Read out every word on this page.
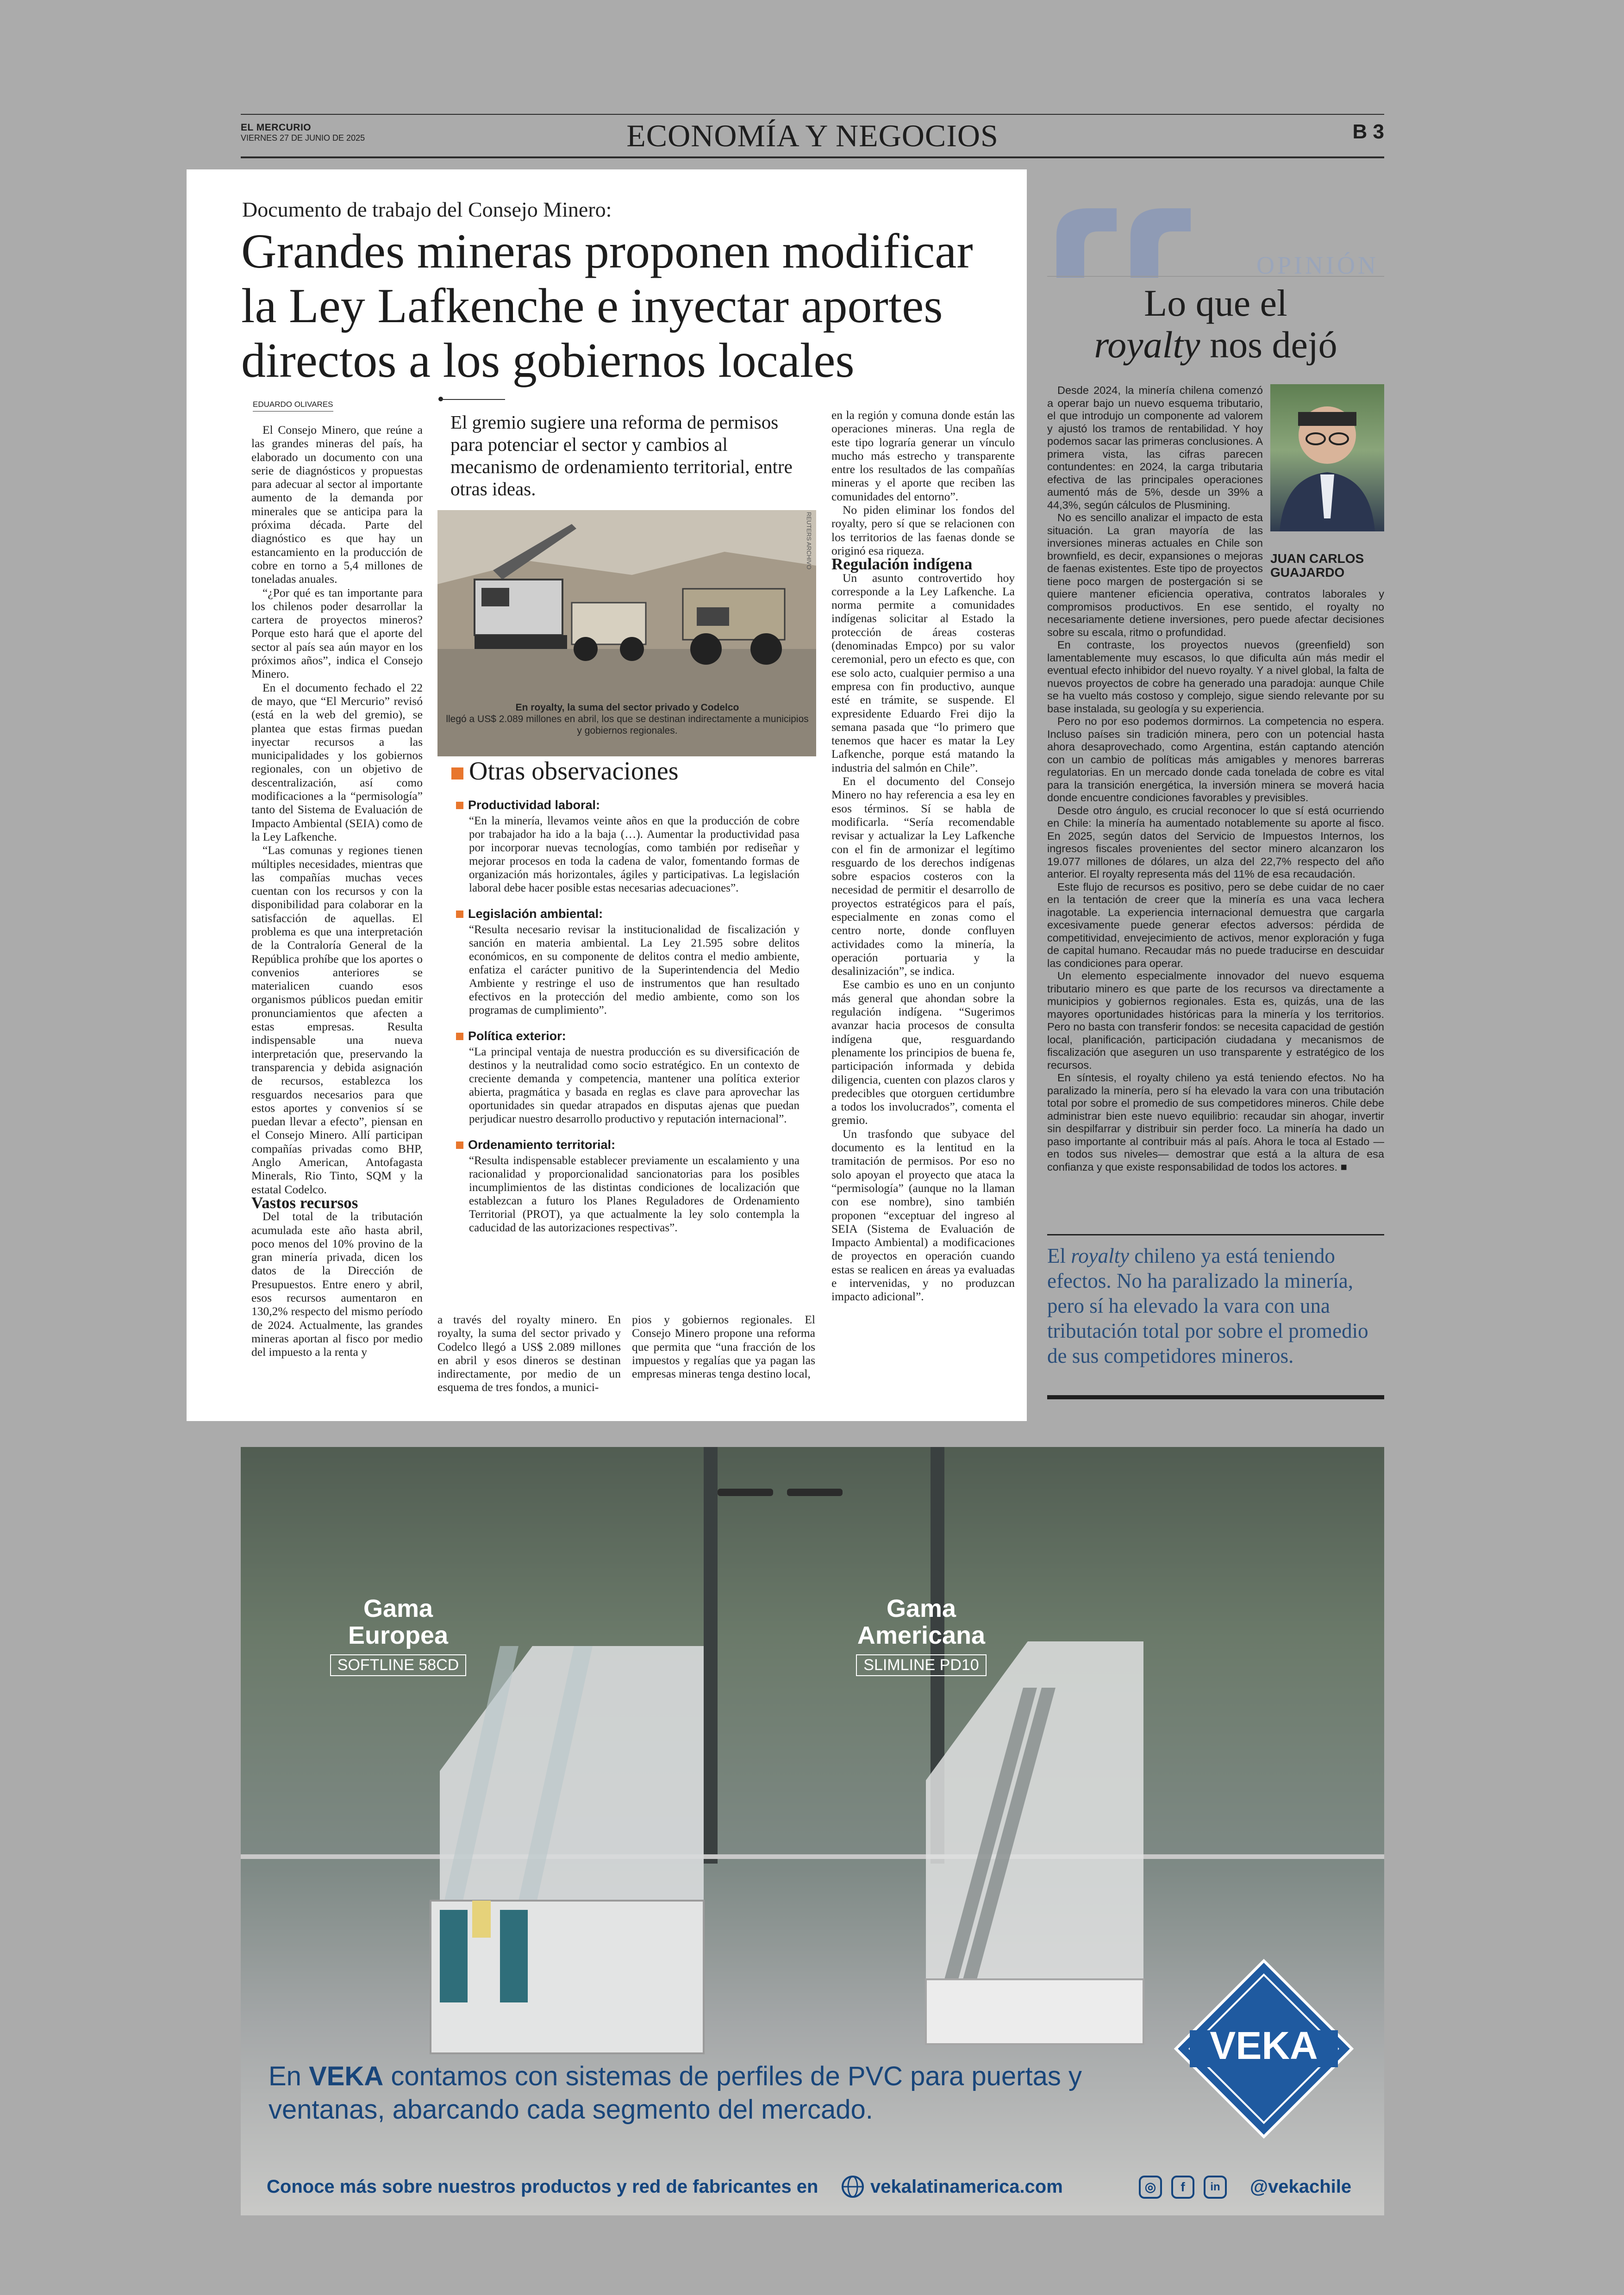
EL MERCURIO
VIERNES 27 DE JUNIO DE 2025	ECONOMÍA Y NEGOCIOS	B 3
Documento de trabajo del Consejo Minero:
Grandes mineras proponen modificar la Ley Lafkenche e inyectar aportes directos a los gobiernos locales
EDUARDO OLIVARES

El Consejo Minero, que reúne a las grandes mineras del país, ha elaborado un documento con una serie de diagnósticos y propuestas para adecuar al sector al importante aumento de la demanda por minerales que se anticipa para la próxima década. Parte del diagnóstico es que hay un estancamiento en la producción de cobre en torno a 5,4 millones de toneladas anuales.

“¿Por qué es tan importante para los chilenos poder desarrollar la cartera de proyectos mineros? Porque esto hará que el aporte del sector al país sea aún mayor en los próximos años”, indica el Consejo Minero.

En el documento fechado el 22 de mayo, que “El Mercurio” revisó (está en la web del gremio), se plantea que estas firmas puedan inyectar recursos a las municipalidades y los gobiernos regionales, con un objetivo de descentralización, así como modificaciones a la “permisología” tanto del Sistema de Evaluación de Impacto Ambiental (SEIA) como de la Ley Lafkenche.

“Las comunas y regiones tienen múltiples necesidades, mientras que las compañías muchas veces cuentan con los recursos y con la disponibilidad para colaborar en la satisfacción de aquellas. El problema es que una interpretación de la Contraloría General de la República prohíbe que los aportes o convenios anteriores se materialicen cuando esos organismos públicos puedan emitir pronunciamientos que afecten a estas empresas. Resulta indispensable una nueva interpretación que, preservando la transparencia y debida asignación de recursos, establezca los resguardos necesarios para que estos aportes y convenios sí se puedan llevar a efecto”, piensan en el Consejo Minero. Allí participan compañías privadas como BHP, Anglo American, Antofagasta Minerals, Rio Tinto, SQM y la estatal Codelco.

Vastos recursos

Del total de la tributación acumulada este año hasta abril, poco menos del 10% provino de la gran minería privada, dicen los datos de la Dirección de Presupuestos. Entre enero y abril, esos recursos aumentaron en 130,2% respecto del mismo período de 2024. Actualmente, las grandes mineras aportan al fisco por medio del impuesto a la renta y

El gremio sugiere una reforma de permisos para potenciar el sector y cambios al mecanismo de ordenamiento territorial, entre otras ideas.
REUTERS ARCHIVO
En royalty, la suma del sector privado y Codelco
llegó a US$ 2.089 millones en abril, los que se destinan indirectamente a municipios y gobiernos regionales.
Otras observaciones
Productividad laboral:
“En la minería, llevamos veinte años en que la producción de cobre por trabajador ha ido a la baja (…). Aumentar la productividad pasa por incorporar nuevas tecnologías, como también por rediseñar y mejorar procesos en toda la cadena de valor, fomentando formas de organización más horizontales, ágiles y participativas. La legislación laboral debe hacer posible estas necesarias adecuaciones”.
Legislación ambiental:
“Resulta necesario revisar la institucionalidad de fiscalización y sanción en materia ambiental. La Ley 21.595 sobre delitos económicos, en su componente de delitos contra el medio ambiente, enfatiza el carácter punitivo de la Superintendencia del Medio Ambiente y restringe el uso de instrumentos que han resultado efectivos en la protección del medio ambiente, como son los programas de cumplimiento”.
Política exterior:
“La principal ventaja de nuestra producción es su diversificación de destinos y la neutralidad como socio estratégico. En un contexto de creciente demanda y competencia, mantener una política exterior abierta, pragmática y basada en reglas es clave para aprovechar las oportunidades sin quedar atrapados en disputas ajenas que puedan perjudicar nuestro desarrollo productivo y reputación internacional”.
Ordenamiento territorial:
“Resulta indispensable establecer previamente un escalamiento y una racionalidad y proporcionalidad sancionatorias para los posibles incumplimientos de las distintas condiciones de localización que establezcan a futuro los Planes Reguladores de Ordenamiento Territorial (PROT), ya que actualmente la ley solo contempla la caducidad de las autorizaciones respectivas”.

a través del royalty minero. En royalty, la suma del sector privado y Codelco llegó a US$ 2.089 millones en abril y esos dineros se destinan indirectamente, por medio de un esquema de tres fondos, a munici-

pios y gobiernos regionales. El Consejo Minero propone una reforma que permita que “una fracción de los impuestos y regalías que ya pagan las empresas mineras tenga destino local,

en la región y comuna donde están las operaciones mineras. Una regla de este tipo lograría generar un vínculo mucho más estrecho y transparente entre los resultados de las compañías mineras y el aporte que reciben las comunidades del entorno”.

No piden eliminar los fondos del royalty, pero sí que se relacionen con los territorios de las faenas donde se originó esa riqueza.

Regulación indígena

Un asunto controvertido hoy corresponde a la Ley Lafkenche. La norma permite a comunidades indígenas solicitar al Estado la protección de áreas costeras (denominadas Empco) por su valor ceremonial, pero un efecto es que, con ese solo acto, cualquier permiso a una empresa con fin productivo, aunque esté en trámite, se suspende. El expresidente Eduardo Frei dijo la semana pasada que “lo primero que tenemos que hacer es matar la Ley Lafkenche, porque está matando la industria del salmón en Chile”.

En el documento del Consejo Minero no hay referencia a esa ley en esos términos. Sí se habla de modificarla. “Sería recomendable revisar y actualizar la Ley Lafkenche con el fin de armonizar el legítimo resguardo de los derechos indígenas sobre espacios costeros con la necesidad de permitir el desarrollo de proyectos estratégicos para el país, especialmente en zonas como el centro norte, donde confluyen actividades como la minería, la operación portuaria y la desalinización”, se indica.

Ese cambio es uno en un conjunto más general que ahondan sobre la regulación indígena. “Sugerimos avanzar hacia procesos de consulta indígena que, resguardando plenamente los principios de buena fe, participación informada y debida diligencia, cuenten con plazos claros y predecibles que otorguen certidumbre a todos los involucrados”, comenta el gremio.

Un trasfondo que subyace del documento es la lentitud en la tramitación de permisos. Por eso no solo apoyan el proyecto que ataca la “permisología” (aunque no la llaman con ese nombre), sino también proponen “exceptuar del ingreso al SEIA (Sistema de Evaluación de Impacto Ambiental) a modificaciones de proyectos en operación cuando estas se realicen en áreas ya evaluadas e intervenidas, y no produzcan impacto adicional”.

OPINIÓN
Lo que el
royalty nos dejó

Desde 2024, la minería chilena comenzó a operar bajo un nuevo esquema tributario, el que introdujo un componente ad valorem y ajustó los tramos de rentabilidad. Y hoy podemos sacar las primeras conclusiones. A primera vista, las cifras parecen contundentes: en 2024, la carga tributaria efectiva de las principales operaciones aumentó más de 5%, desde un 39% a 44,3%, según cálculos de Plusmining.

No es sencillo analizar el impacto de esta situación. La gran mayoría de las inversiones mineras actuales en Chile son brownfield, es decir, expansiones o mejoras de faenas existentes. Este tipo de proyectos tiene poco margen de postergación si se quiere mantener eficiencia operativa, contratos laborales y compromisos productivos. En ese sentido, el royalty no necesariamente detiene inversiones, pero puede afectar decisiones sobre su escala, ritmo o profundidad.

En contraste, los proyectos nuevos (greenfield) son lamentablemente muy escasos, lo que dificulta aún más medir el eventual efecto inhibidor del nuevo royalty. Y a nivel global, la falta de nuevos proyectos de cobre ha generado una paradoja: aunque Chile se ha vuelto más costoso y complejo, sigue siendo relevante por su base instalada, su geología y su experiencia.

Pero no por eso podemos dormirnos. La competencia no espera. Incluso países sin tradición minera, pero con un potencial hasta ahora desaprovechado, como Argentina, están captando atención con un cambio de políticas más amigables y menores barreras regulatorias. En un mercado donde cada tonelada de cobre es vital para la transición energética, la inversión minera se moverá hacia donde encuentre condiciones favorables y previsibles.

Desde otro ángulo, es crucial reconocer lo que sí está ocurriendo en Chile: la minería ha aumentado notablemente su aporte al fisco. En 2025, según datos del Servicio de Impuestos Internos, los ingresos fiscales provenientes del sector minero alcanzaron los 19.077 millones de dólares, un alza del 22,7% respecto del año anterior. El royalty representa más del 11% de esa recaudación.

Este flujo de recursos es positivo, pero se debe cuidar de no caer en la tentación de creer que la minería es una vaca lechera inagotable. La experiencia internacional demuestra que cargarla excesivamente puede generar efectos adversos: pérdida de competitividad, envejecimiento de activos, menor exploración y fuga de capital humano. Recaudar más no puede traducirse en descuidar las condiciones para operar.

Un elemento especialmente innovador del nuevo esquema tributario minero es que parte de los recursos va directamente a municipios y gobiernos regionales. Esta es, quizás, una de las mayores oportunidades históricas para la minería y los territorios. Pero no basta con transferir fondos: se necesita capacidad de gestión local, planificación, participación ciudadana y mecanismos de fiscalización que aseguren un uso transparente y estratégico de los recursos.

En síntesis, el royalty chileno ya está teniendo efectos. No ha paralizado la minería, pero sí ha elevado la vara con una tributación total por sobre el promedio de sus competidores mineros. Chile debe administrar bien este nuevo equilibrio: recaudar sin ahogar, invertir sin despilfarrar y distribuir sin perder foco. La minería ha dado un paso importante al contribuir más al país. Ahora le toca al Estado —en todos sus niveles— demostrar que está a la altura de esa confianza y que existe responsabilidad de todos los actores. ■

JUAN CARLOS
GUAJARDO
El royalty chileno ya está teniendo efectos. No ha paralizado la minería, pero sí ha elevado la vara con una tributación total por sobre el promedio de sus competidores mineros.
Gama
Europea
SOFTLINE 58CD
Gama
Americana
SLIMLINE PD10
VEKA
En VEKA contamos con sistemas de perfiles de PVC para puertas y ventanas, abarcando cada segmento del mercado.
Conoce más sobre nuestros productos y red de fabricantes en	vekalatinamerica.com	◎	f	in	@vekachile
